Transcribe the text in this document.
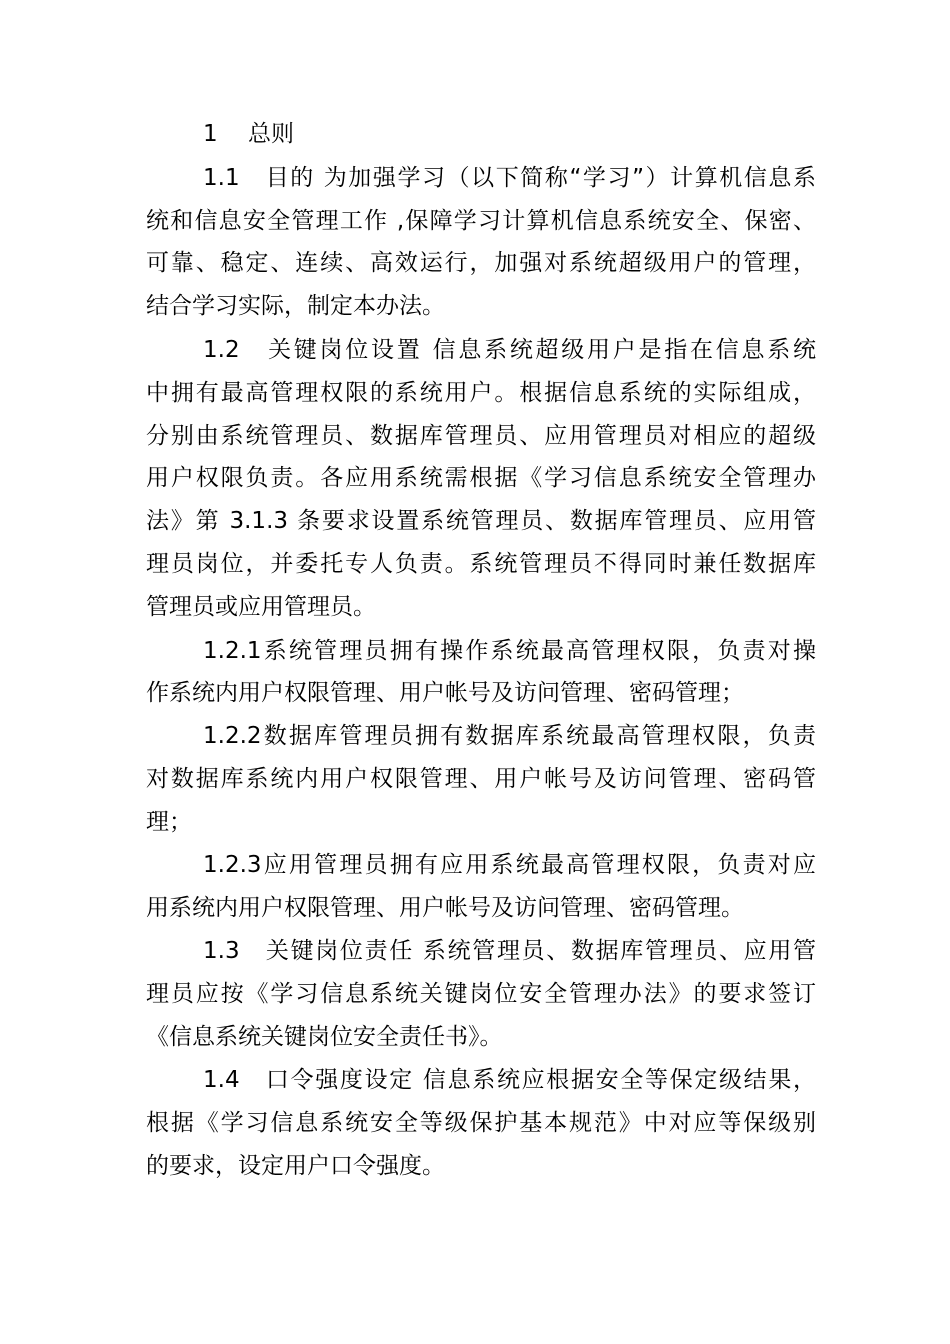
1　 总则
1.1　目的 为加强学习（以下简称“学习”）计算机信息系
统和信息安全管理工作 ,保障学习计算机信息系统安全、保密、
可靠、稳定、连续、高效运行，加强对系统超级用户的管理，
结合学习实际，制定本办法。
1.2　关键岗位设置 信息系统超级用户是指在信息系统
中拥有最高管理权限的系统用户。根据信息系统的实际组成，
分别由系统管理员、数据库管理员、应用管理员对相应的超级
用户权限负责。各应用系统需根据《学习信息系统安全管理办
法》第 3.1.3 条要求设置系统管理员、数据库管理员、应用管
理员岗位，并委托专人负责。系统管理员不得同时兼任数据库
管理员或应用管理员。
1.2.1系统管理员拥有操作系统最高管理权限，负责对操
作系统内用户权限管理、用户帐号及访问管理、密码管理；
1.2.2数据库管理员拥有数据库系统最高管理权限，负责
对数据库系统内用户权限管理、用户帐号及访问管理、密码管
理；
1.2.3应用管理员拥有应用系统最高管理权限，负责对应
用系统内用户权限管理、用户帐号及访问管理、密码管理。
1.3　关键岗位责任 系统管理员、数据库管理员、应用管
理员应按《学习信息系统关键岗位安全管理办法》的要求签订
《信息系统关键岗位安全责任书》。
1.4　口令强度设定 信息系统应根据安全等保定级结果，
根据《学习信息系统安全等级保护基本规范》中对应等保级别
的要求，设定用户口令强度。
